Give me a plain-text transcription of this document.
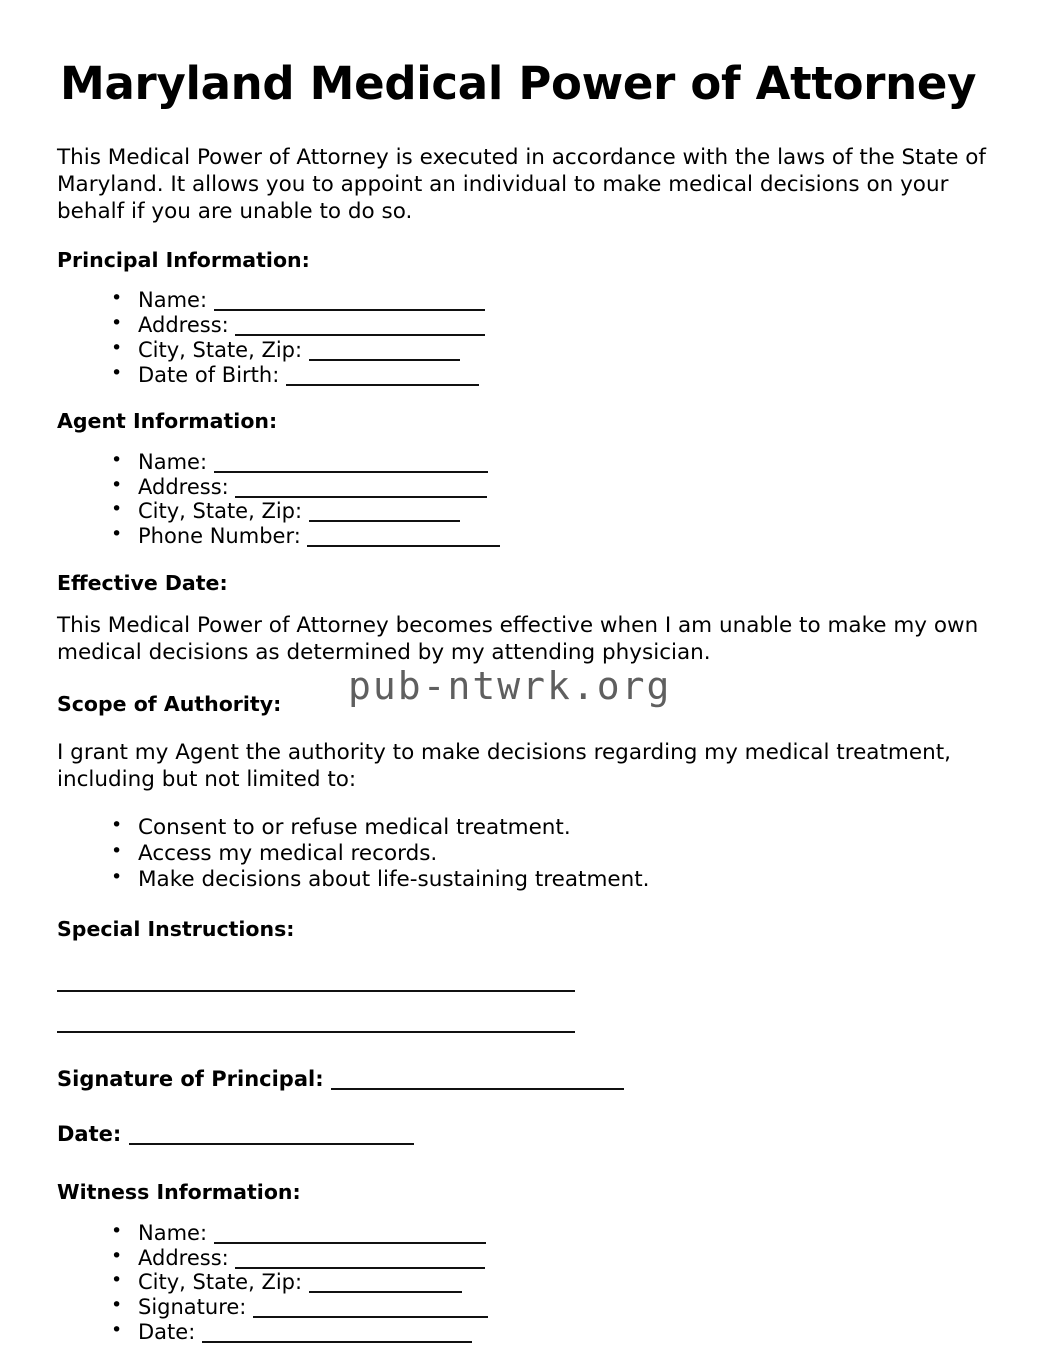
Maryland Medical Power of Attorney

This Medical Power of Attorney is executed in accordance with the laws of the State of Maryland. It allows you to appoint an individual to make medical decisions on your behalf if you are unable to do so.

Principal Information:
• Name:
• Address:
• City, State, Zip:
• Date of Birth:
Agent Information:
• Name:
• Address:
• City, State, Zip:
• Phone Number:
Effective Date:

This Medical Power of Attorney becomes effective when I am unable to make my own medical decisions as determined by my attending physician.

Scope of Authority:

I grant my Agent the authority to make decisions regarding my medical treatment, including but not limited to:

• Consent to or refuse medical treatment.
• Access my medical records.
• Make decisions about life-sustaining treatment.
Special Instructions:
Signature of Principal:
Date:
Witness Information:
• Name:
• Address:
• City, State, Zip:
• Signature:
• Date:
pub-ntwrk.org
